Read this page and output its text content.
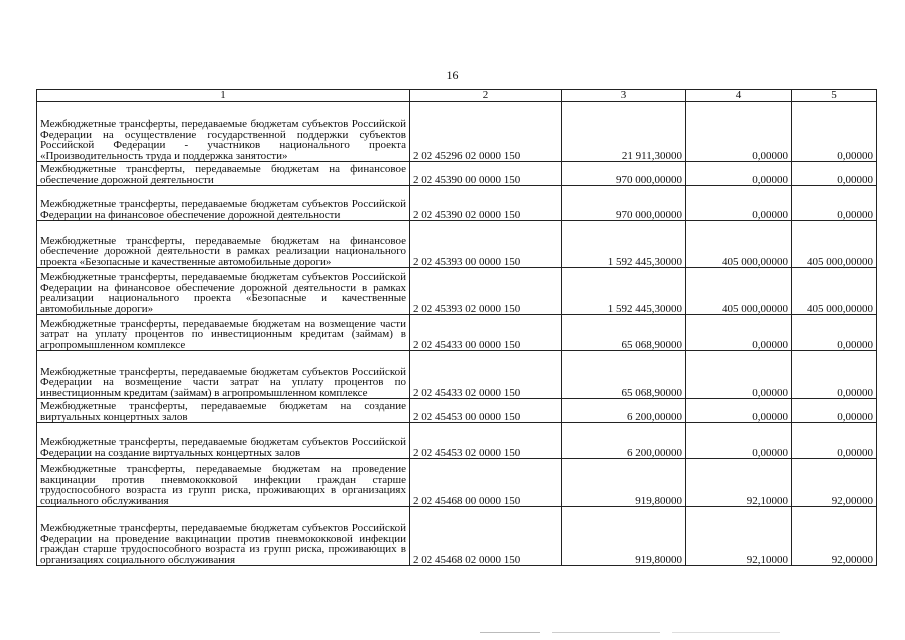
16
1	2	3	4	5
Межбюджетные трансферты, передаваемые бюджетам субъектов Российской Федерации на осуществление государственной поддержки субъектов Российской Федерации - участников национального проекта «Производительность труда и поддержка занятости»	2 02 45296 02 0000 150	21 911,30000	0,00000	0,00000
Межбюджетные трансферты, передаваемые бюджетам на финансовое обеспечение дорожной деятельности	2 02 45390 00 0000 150	970 000,00000	0,00000	0,00000
Межбюджетные трансферты, передаваемые бюджетам субъектов Российской Федерации на финансовое обеспечение дорожной деятельности	2 02 45390 02 0000 150	970 000,00000	0,00000	0,00000
Межбюджетные трансферты, передаваемые бюджетам на финансовое обеспечение дорожной деятельности в рамках реализации национального проекта «Безопасные и качественные автомобильные дороги»	2 02 45393 00 0000 150	1 592 445,30000	405 000,00000	405 000,00000
Межбюджетные трансферты, передаваемые бюджетам субъектов Российской Федерации на финансовое обеспечение дорожной деятельности в рамках реализации национального проекта «Безопасные и качественные автомобильные дороги»	2 02 45393 02 0000 150	1 592 445,30000	405 000,00000	405 000,00000
Межбюджетные трансферты, передаваемые бюджетам на возмещение части затрат на уплату процентов по инвестиционным кредитам (займам) в агропромышленном комплексе	2 02 45433 00 0000 150	65 068,90000	0,00000	0,00000
Межбюджетные трансферты, передаваемые бюджетам субъектов Российской Федерации на возмещение части затрат на уплату процентов по инвестиционным кредитам (займам) в агропромышленном комплексе	2 02 45433 02 0000 150	65 068,90000	0,00000	0,00000
Межбюджетные трансферты, передаваемые бюджетам на создание виртуальных концертных залов	2 02 45453 00 0000 150	6 200,00000	0,00000	0,00000
Межбюджетные трансферты, передаваемые бюджетам субъектов Российской Федерации на создание виртуальных концертных залов	2 02 45453 02 0000 150	6 200,00000	0,00000	0,00000
Межбюджетные трансферты, передаваемые бюджетам на проведение вакцинации против пневмококковой инфекции граждан старше трудоспособного возраста из групп риска, проживающих в организациях социального обслуживания	2 02 45468 00 0000 150	919,80000	92,10000	92,00000
Межбюджетные трансферты, передаваемые бюджетам субъектов Российской Федерации на проведение вакцинации против пневмококковой инфекции граждан старше трудоспособного возраста из групп риска, проживающих в организациях социального обслуживания	2 02 45468 02 0000 150	919,80000	92,10000	92,00000
